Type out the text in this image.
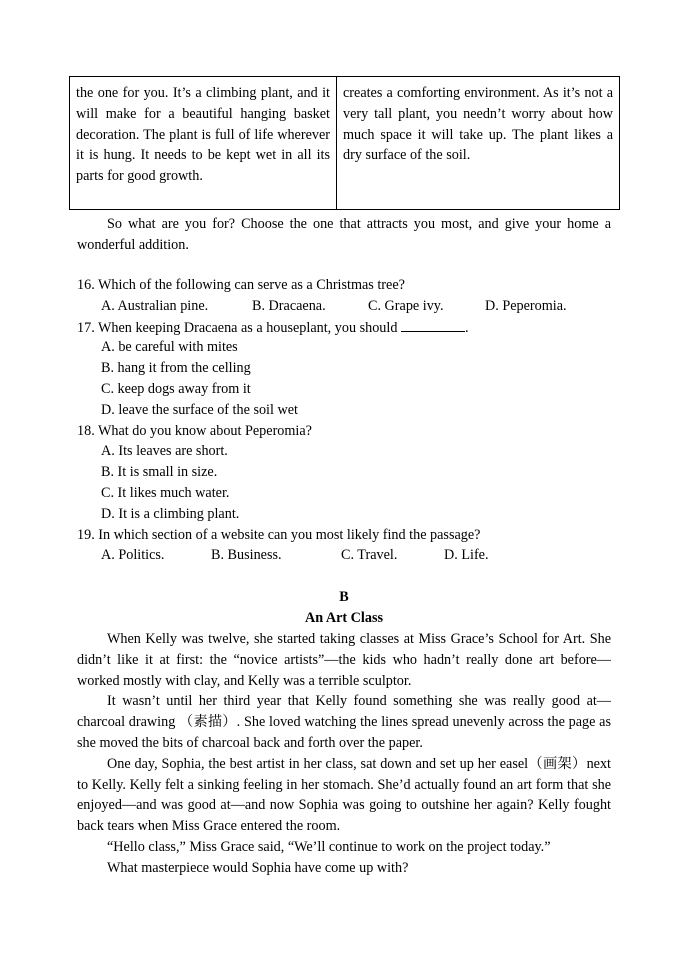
the one for you. It’s a climbing plant, and it will make for a beautiful hanging basket decoration. The plant is full of life wherever it is hung. It needs to be kept wet in all its parts for good growth.
creates a comforting environment. As it’s not a very tall plant, you needn’t worry about how much space it will take up. The plant likes a dry surface of the soil.
So what are you for? Choose the one that attracts you most, and give your home a wonderful addition.

16. Which of the following can serve as a Christmas tree?

A. Australian pine.	B. Dracaena.	C. Grape ivy.	D. Peperomia.

17. When keeping Dracaena as a houseplant, you should	.

A. be careful with mites

B. hang it from the celling

C. keep dogs away from it

D. leave the surface of the soil wet

18. What do you know about Peperomia?

A. Its leaves are short.

B. It is small in size.

C. It likes much water.

D. It is a climbing plant.

19. In which section of a website can you most likely find the passage?

A. Politics.	B. Business.	C. Travel.	D. Life.
B
An Art Class

When Kelly was twelve, she started taking classes at Miss Grace’s School for Art. She didn’t like it at first: the “novice artists”—the kids who hadn’t really done art before—worked mostly with clay, and Kelly was a terrible sculptor.

It wasn’t until her third year that Kelly found something she was really good at—charcoal drawing （素描）. She loved watching the lines spread unevenly across the page as she moved the bits of charcoal back and forth over the paper.

One day, Sophia, the best artist in her class, sat down and set up her easel（画架）next to Kelly. Kelly felt a sinking feeling in her stomach. She’d actually found an art form that she enjoyed—and was good at—and now Sophia was going to outshine her again? Kelly fought back tears when Miss Grace entered the room.

“Hello class,” Miss Grace said, “We’ll continue to work on the project today.”

What masterpiece would Sophia have come up with?
